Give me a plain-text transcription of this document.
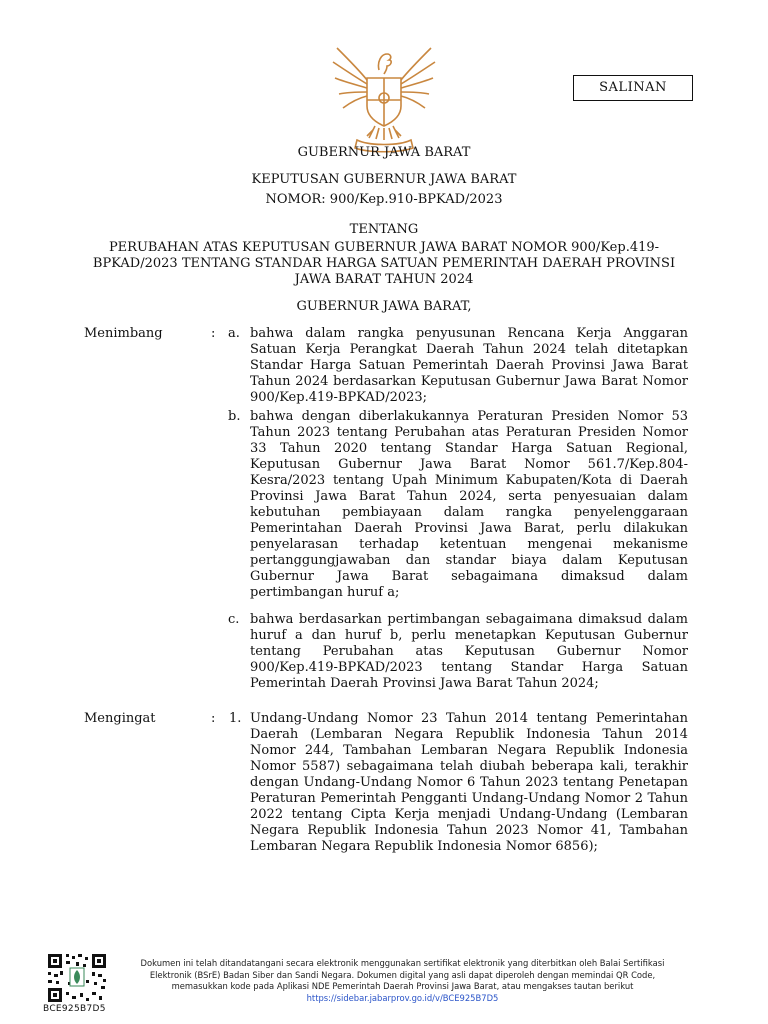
SALINAN
GUBERNUR JAWA BARAT
KEPUTUSAN GUBERNUR JAWA BARAT
NOMOR: 900/Kep.910-BPKAD/2023
TENTANG
PERUBAHAN ATAS KEPUTUSAN GUBERNUR JAWA BARAT NOMOR 900/Kep.419-BPKAD/2023 TENTANG STANDAR HARGA SATUAN PEMERINTAH DAERAH PROVINSI JAWA BARAT TAHUN 2024
GUBERNUR JAWA BARAT,
Menimbang	: a. bahwa dalam rangka penyusunan Rencana Kerja Anggaran Satuan Kerja Perangkat Daerah Tahun 2024 telah ditetapkan Standar Harga Satuan Pemerintah Daerah Provinsi Jawa Barat Tahun 2024 berdasarkan Keputusan Gubernur Jawa Barat Nomor 900/Kep.419-BPKAD/2023;

b. bahwa dengan diberlakukannya Peraturan Presiden Nomor 53 Tahun 2023 tentang Perubahan atas Peraturan Presiden Nomor 33 Tahun 2020 tentang Standar Harga Satuan Regional, Keputusan Gubernur Jawa Barat Nomor 561.7/Kep.804-Kesra/2023 tentang Upah Minimum Kabupaten/Kota di Daerah Provinsi Jawa Barat Tahun 2024, serta penyesuaian dalam kebutuhan pembiayaan dalam rangka penyelenggaraan Pemerintahan Daerah Provinsi Jawa Barat, perlu dilakukan penyelarasan terhadap ketentuan mengenai mekanisme pertanggungjawaban dan standar biaya dalam Keputusan Gubernur Jawa Barat sebagaimana dimaksud dalam pertimbangan huruf a;

c. bahwa berdasarkan pertimbangan sebagaimana dimaksud dalam huruf a dan huruf b, perlu menetapkan Keputusan Gubernur tentang Perubahan atas Keputusan Gubernur Nomor 900/Kep.419-BPKAD/2023 tentang Standar Harga Satuan Pemerintah Daerah Provinsi Jawa Barat Tahun 2024;

Mengingat	: 1. Undang-Undang Nomor 23 Tahun 2014 tentang Pemerintahan Daerah (Lembaran Negara Republik Indonesia Tahun 2014 Nomor 244, Tambahan Lembaran Negara Republik Indonesia Nomor 5587) sebagaimana telah diubah beberapa kali, terakhir dengan Undang-Undang Nomor 6 Tahun 2023 tentang Penetapan Peraturan Pemerintah Pengganti Undang-Undang Nomor 2 Tahun 2022 tentang Cipta Kerja menjadi Undang-Undang (Lembaran Negara Republik Indonesia Tahun 2023 Nomor 41, Tambahan Lembaran Negara Republik Indonesia Nomor 6856);

BCE925B7D5
Dokumen ini telah ditandatangani secara elektronik menggunakan sertifikat elektronik yang diterbitkan oleh Balai Sertifikasi
Elektronik (BSrE) Badan Siber dan Sandi Negara. Dokumen digital yang asli dapat diperoleh dengan memindai QR Code,
memasukkan kode pada Aplikasi NDE Pemerintah Daerah Provinsi Jawa Barat, atau mengakses tautan berikut
https://sidebar.jabarprov.go.id/v/BCE925B7D5
